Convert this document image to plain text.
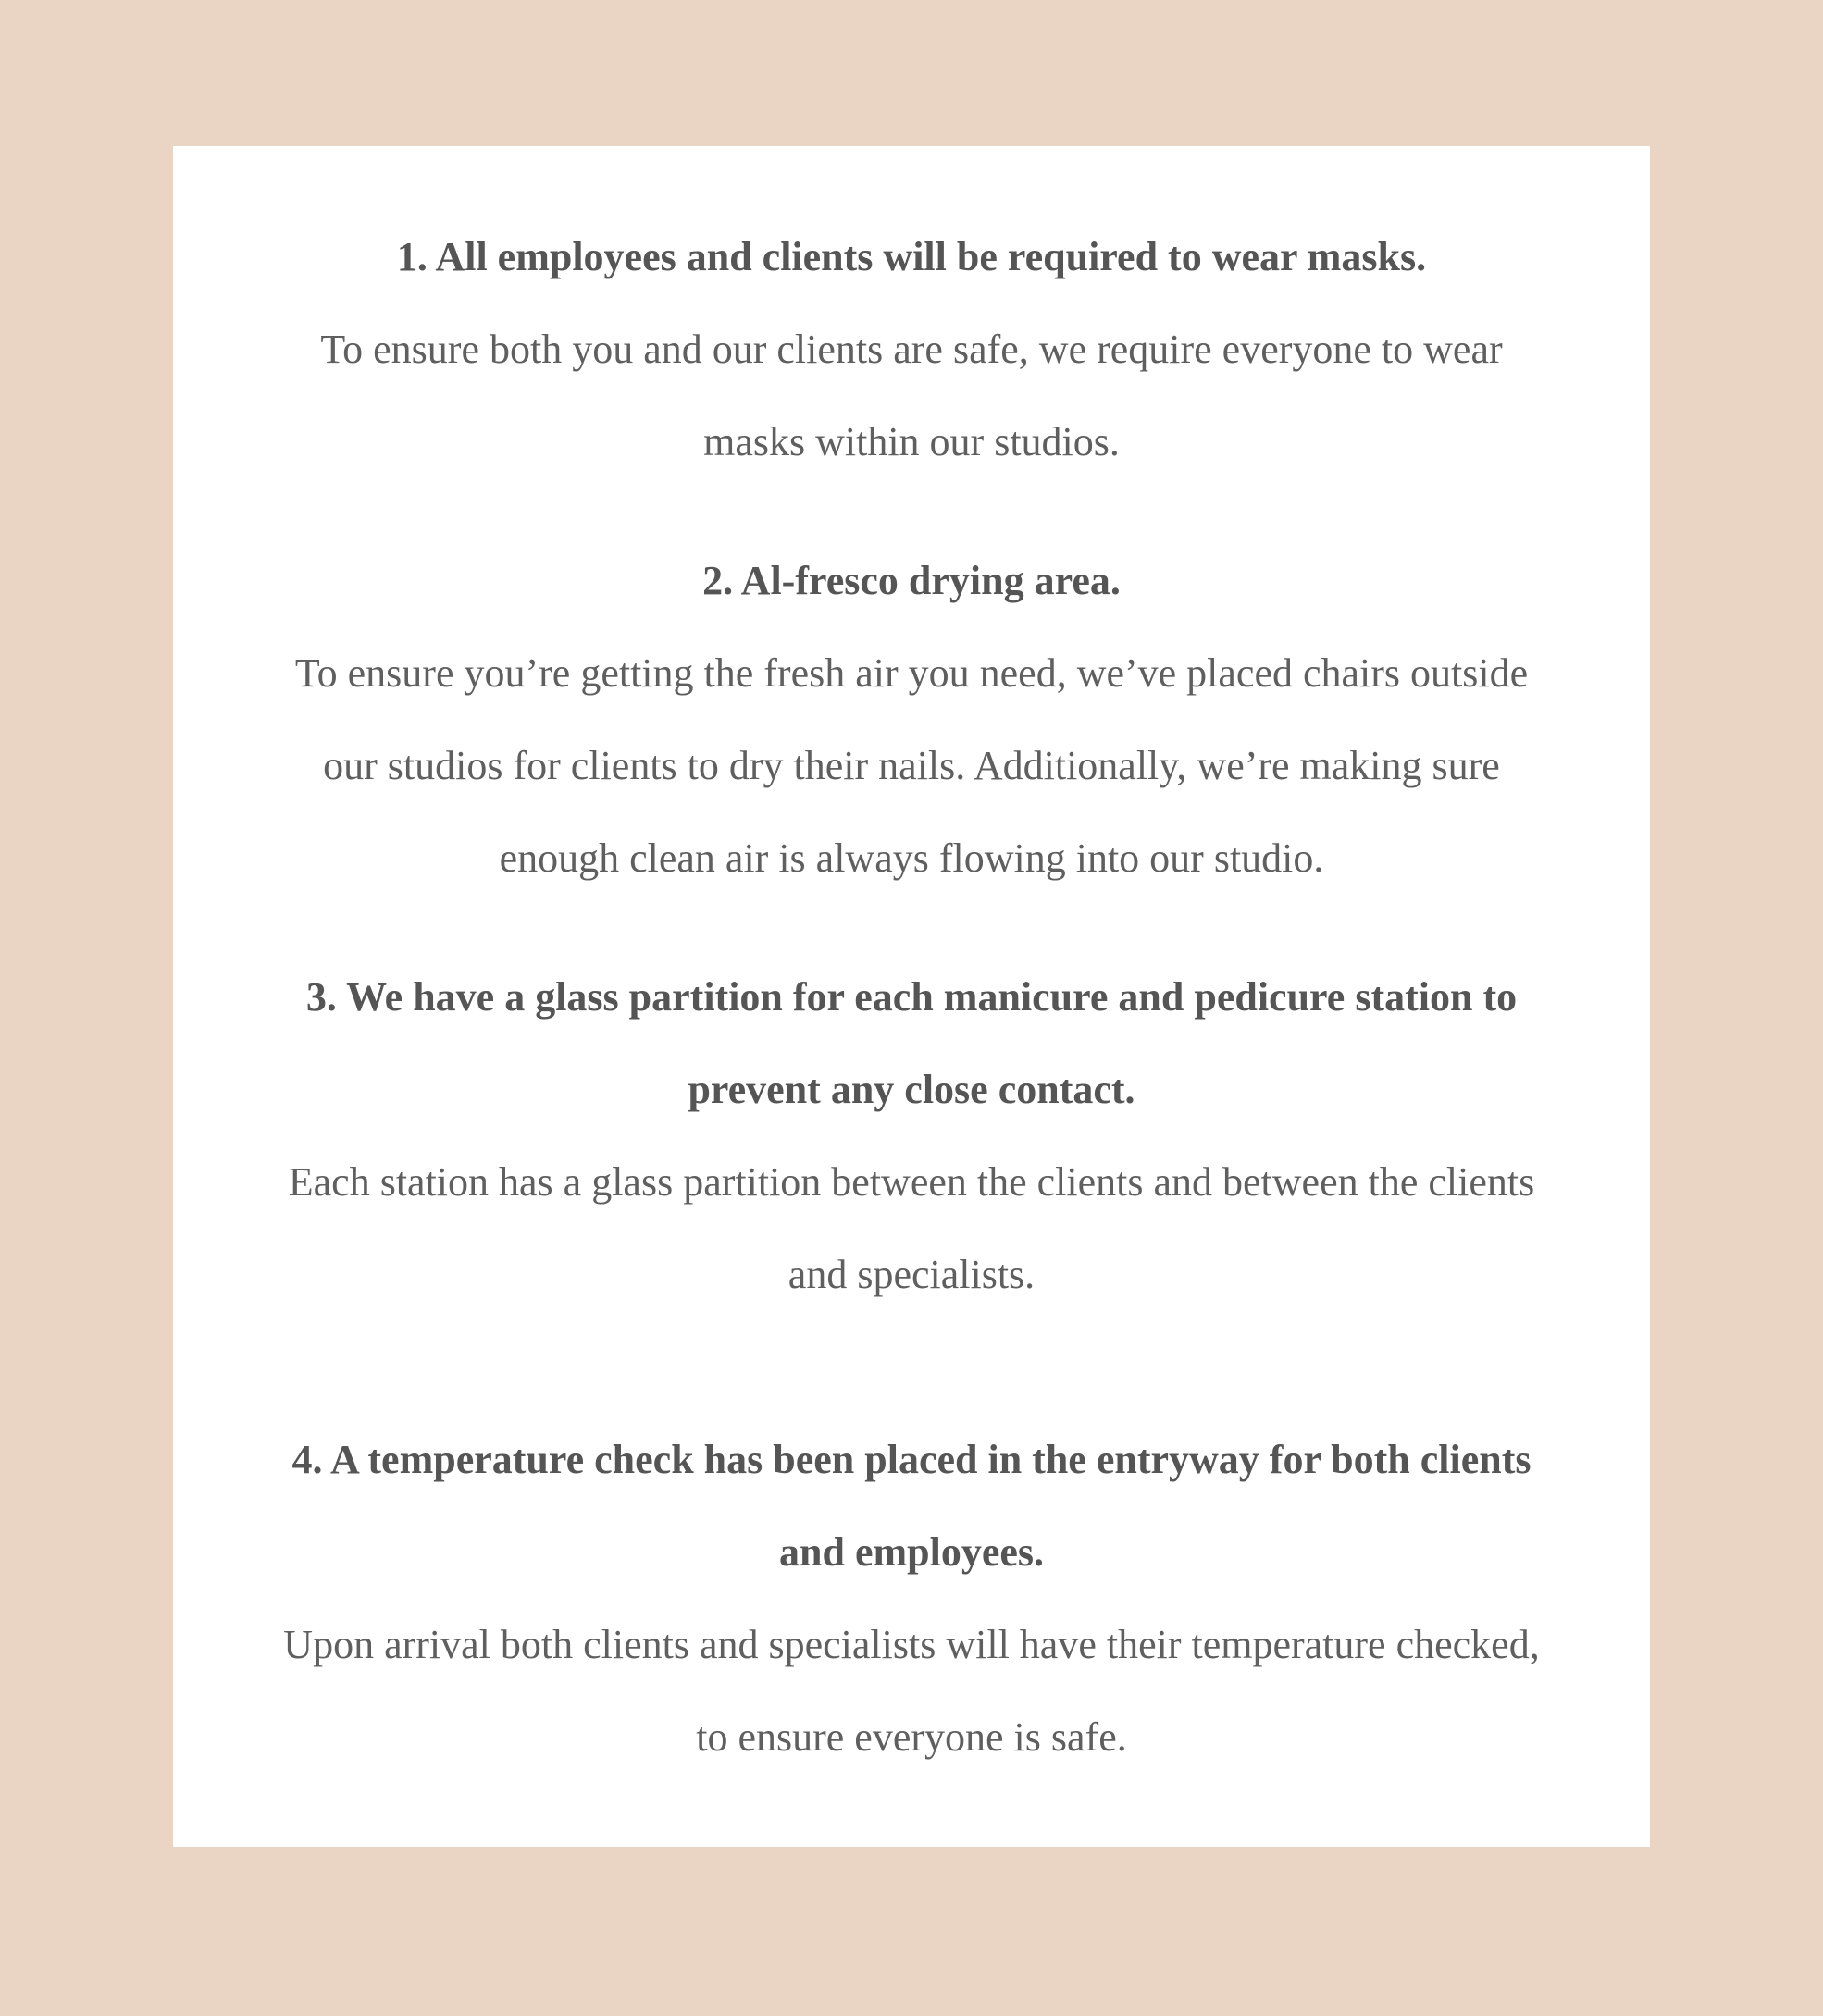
1. All employees and clients will be required to wear masks.

To ensure both you and our clients are safe, we require everyone to wear masks within our studios.

2. Al-fresco drying area.

To ensure you’re getting the fresh air you need, we’ve placed chairs outside our studios for clients to dry their nails. Additionally, we’re making sure enough clean air is always flowing into our studio.

3. We have a glass partition for each manicure and pedicure station to prevent any close contact.

Each station has a glass partition between the clients and between the clients and specialists.

4. A temperature check has been placed in the entryway for both clients and employees.

Upon arrival both clients and specialists will have their temperature checked, to ensure everyone is safe.
